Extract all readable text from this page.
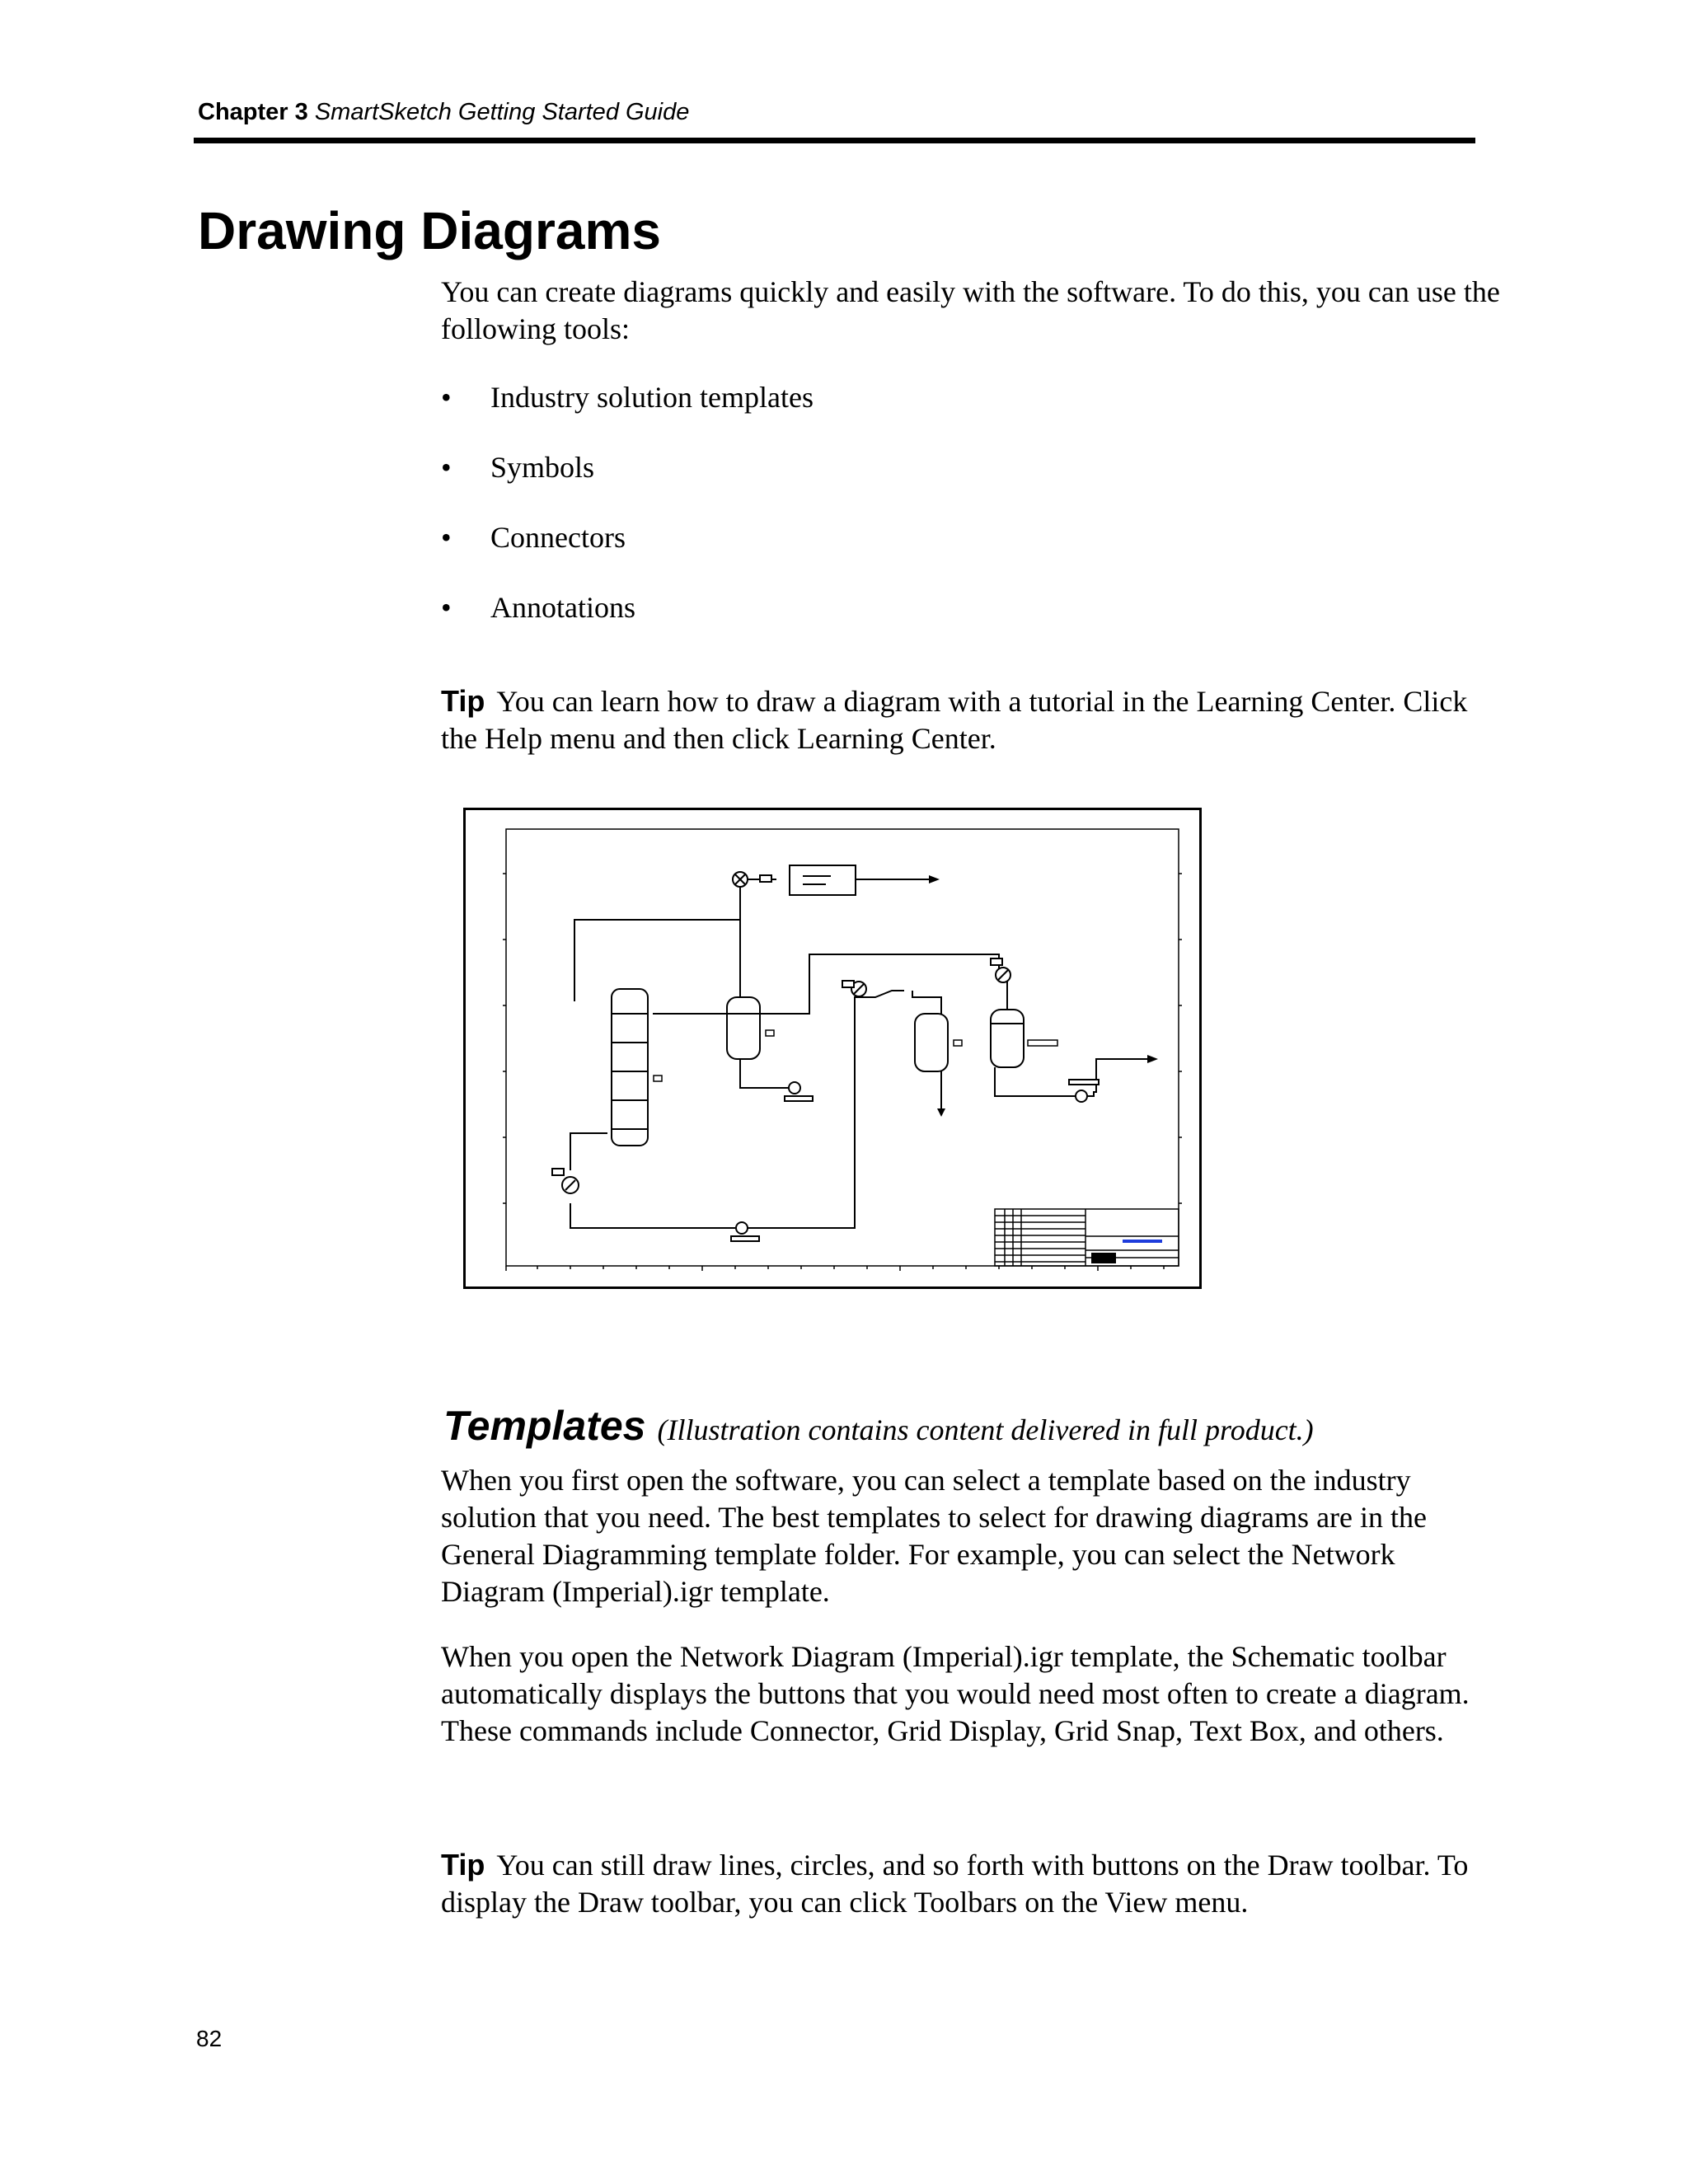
Chapter 3 SmartSketch Getting Started Guide
Drawing Diagrams
You can create diagrams quickly and easily with the software. To do this, you can use the following tools:
• Industry solution templates
• Symbols
• Connectors
• Annotations
Tip You can learn how to draw a diagram with a tutorial in the Learning Center. Click the Help menu and then click Learning Center.
Templates (Illustration contains content delivered in full product.)
When you first open the software, you can select a template based on the industry solution that you need. The best templates to select for drawing diagrams are in the General Diagramming template folder. For example, you can select the Network Diagram (Imperial).igr template.
When you open the Network Diagram (Imperial).igr template, the Schematic toolbar automatically displays the buttons that you would need most often to create a diagram. These commands include Connector, Grid Display, Grid Snap, Text Box, and others.
Tip You can still draw lines, circles, and so forth with buttons on the Draw toolbar. To display the Draw toolbar, you can click Toolbars on the View menu.
82
